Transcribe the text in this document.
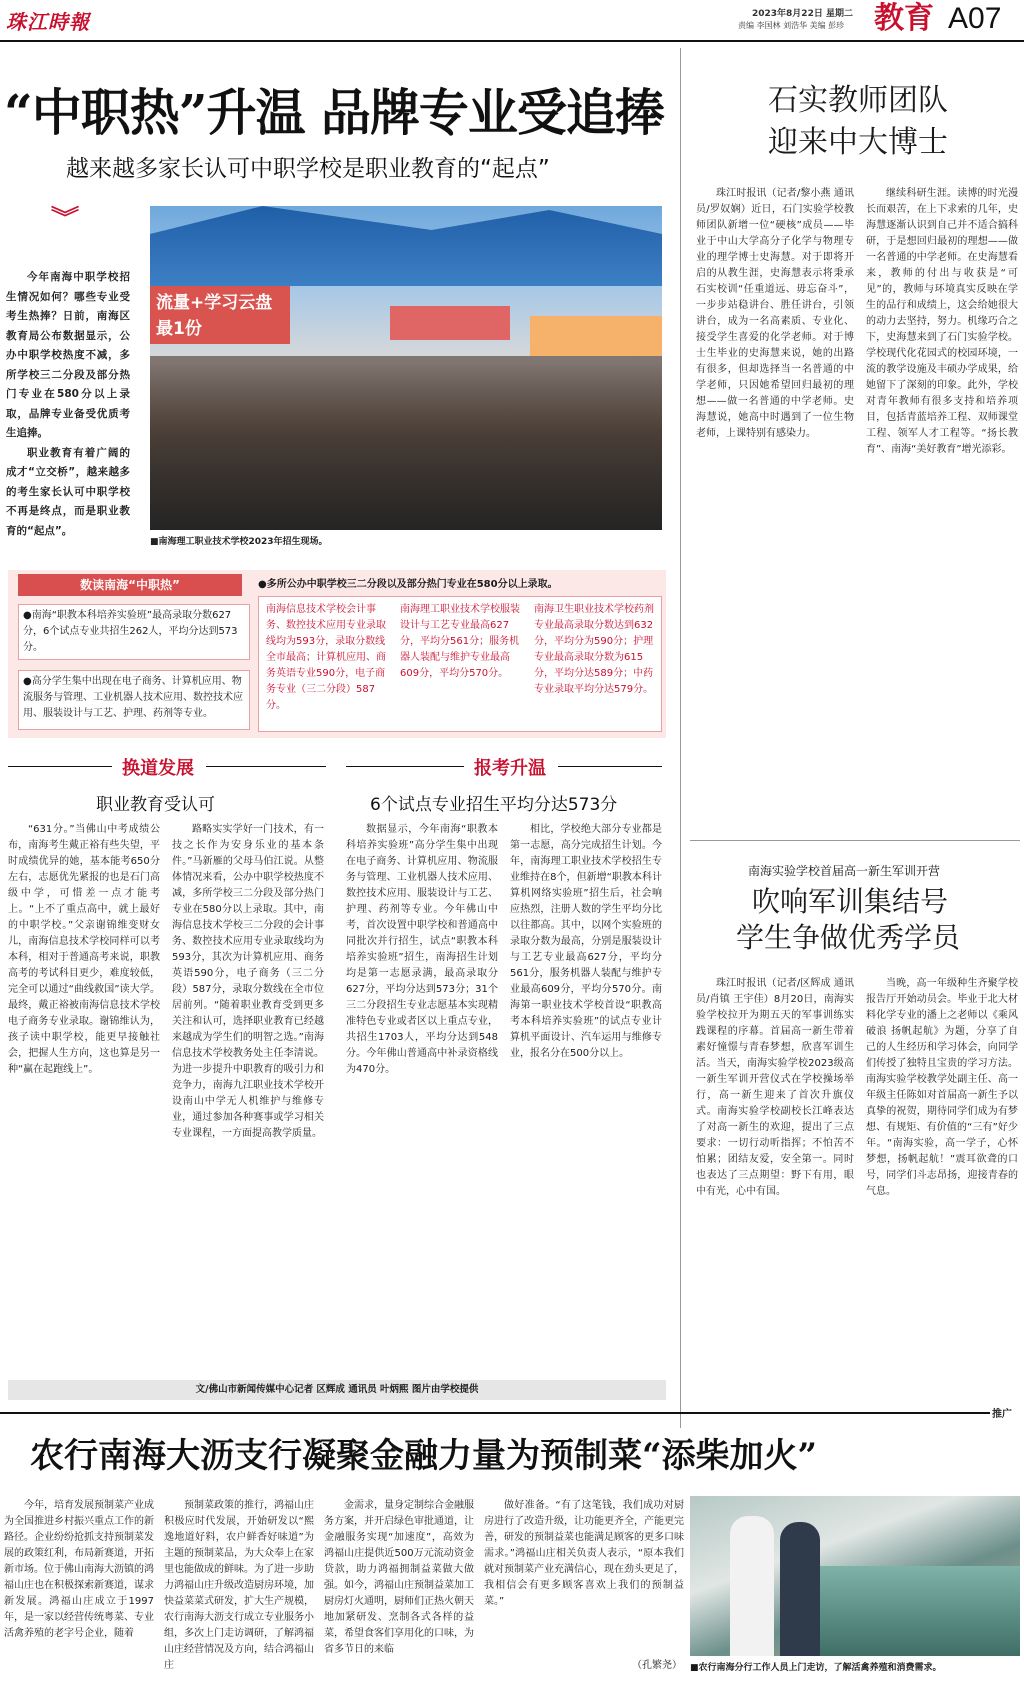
珠江時報	2023年8月22日 星期二
责编 李国林 刘浩华 美编 彭珍 教育 A07
“中职热”升温 品牌专业受追捧
越来越多家长认可中职学校是职业教育的“起点”
︾

今年南海中职学校招生情况如何？哪些专业受考生热捧？日前，南海区教育局公布数据显示，公办中职学校热度不减，多所学校三二分段及部分热门专业在580分以上录取，品牌专业备受优质考生追捧。

职业教育有着广阔的成才“立交桥”，越来越多的考生家长认可中职学校不再是终点，而是职业教育的“起点”。

流量+学习云盘 最1份
■南海理工职业技术学校2023年招生现场。
数读南海“中职热”
●南海“职教本科培养实验班”最高录取分数627分，6个试点专业共招生262人，平均分达到573分。
●高分学生集中出现在电子商务、计算机应用、物流服务与管理、工业机器人技术应用、数控技术应用、服装设计与工艺、护理、药剂等专业。
●多所公办中职学校三二分段以及部分热门专业在580分以上录取。
南海信息技术学校会计事务、数控技术应用专业录取线均为593分，录取分数线全市最高；计算机应用、商务英语专业590分，电子商务专业（三二分段）587分。
南海理工职业技术学校服装设计与工艺专业最高627分，平均分561分；服务机器人装配与维护专业最高609分，平均分570分。
南海卫生职业技术学校药剂专业最高录取分数达到632分，平均分为590分；护理专业最高录取分数为615分，平均分达589分；中药专业录取平均分达579分。
换道发展
职业教育受认可

“631分。”当佛山中考成绩公布，南海考生戴正裕有些失望，平时成绩优异的她，基本能考650分左右，志愿优先紧报的也是石门高级中学，可惜差一点才能考上。“上不了重点高中，就上最好的中职学校。”父亲谢锦维变财女儿，南海信息技术学校同样可以考本科，相对于普通高考来说，职教高考的考试科目更少，难度较低，完全可以通过“曲线救国”读大学。最终，戴正裕被南海信息技术学校电子商务专业录取。谢锦维认为，孩子读中职学校，能更早接触社会，把握人生方向，这也算是另一种“赢在起跑线上”。

路略实实学好一门技术，有一技之长作为安身乐业的基本条件。”马新雁的父母马伯江说。从整体情况来看，公办中职学校热度不减，多所学校三二分段及部分热门专业在580分以上录取。其中，南海信息技术学校三二分段的会计事务、数控技术应用专业录取线均为593分，其次为计算机应用、商务英语590分，电子商务（三二分段）587分，录取分数线在全市位居前列。“随着职业教育受到更多关注和认可，选择职业教育已经越来越成为学生们的明智之选。”南海信息技术学校教务处主任李清说。为进一步提升中职教育的吸引力和竞争力，南海九江职业技术学校开设南山中学无人机维护与维修专业，通过参加各种赛事或学习相关专业课程，一方面提高教学质量。

报考升温
6个试点专业招生平均分达573分

数据显示，今年南海“职教本科培养实验班”高分学生集中出现在电子商务、计算机应用、物流服务与管理、工业机器人技术应用、数控技术应用、服装设计与工艺、护理、药剂等专业。今年佛山中考，首次设置中职学校和普通高中同批次并行招生，试点“职教本科培养实验班”招生，南海招生计划均是第一志愿录满，最高录取分627分，平均分达到573分；31个三二分段招生专业志愿基本实现精准特色专业或者区以上重点专业，共招生1703人，平均分达到548分。今年佛山普通高中补录资格线为470分。

相比，学校绝大部分专业都是第一志愿，高分完成招生计划。今年，南海理工职业技术学校招生专业维持在8个，但新增“职教本科计算机网络实验班”招生后，社会响应热烈，注册人数的学生平均分比以往都高。其中，以网个实验班的录取分数为最高，分别是服装设计与工艺专业最高627分，平均分561分，服务机器人装配与维护专业最高609分，平均分570分。南海第一职业技术学校首设“职教高考本科培养实验班”的试点专业计算机平面设计、汽车运用与维修专业，报名分在500分以上。

文/佛山市新闻传媒中心记者 区辉成 通讯员 叶炳熙 图片由学校提供
石实教师团队
迎来中大博士

珠江时报讯（记者/黎小燕 通讯员/罗奴娴）近日，石门实验学校教师团队新增一位“硬核”成员——毕业于中山大学高分子化学与物理专业的理学博士史海慧。对于即将开启的从教生涯，史海慧表示将秉承石实校训“任重道远、毋忘奋斗”，一步步站稳讲台、胜任讲台，引领讲台，成为一名高素质、专业化、接受学生喜爱的化学老师。对于博士生毕业的史海慧来说，她的出路有很多，但却选择当一名普通的中学老师，只因她希望回归最初的理想——做一名普通的中学老师。史海慧说，她高中时遇到了一位生物老师，上课特别有感染力。

继续科研生涯。读博的时光漫长而艰苦，在上下求索的几年，史海慧逐渐认识到自己并不适合搞科研，于是想回归最初的理想——做一名普通的中学老师。在史海慧看来，教师的付出与收获是“可见”的，教师与环境真实反映在学生的品行和成绩上，这会给她很大的动力去坚持，努力。机缘巧合之下，史海慧来到了石门实验学校。学校现代化花园式的校园环境，一流的教学设施及丰硕办学成果，给她留下了深刻的印象。此外，学校对青年教师有很多支持和培养项目，包括青蓝培养工程、双师课堂工程、领军人才工程等。“扬长教育”、南海“美好教育”增光添彩。

南海实验学校首届高一新生军训开营
吹响军训集结号
学生争做优秀学员

珠江时报讯（记者/区辉成 通讯员/肖镇 王宇佳）8月20日，南海实验学校拉开为期五天的军事训练实践课程的序幕。首届高一新生带着素好憧憬与青春梦想，欣喜军训生活。当天，南海实验学校2023级高一新生军训开营仪式在学校操场举行，高一新生迎来了首次升旗仪式。南海实验学校副校长江峰表达了对高一新生的欢迎，提出了三点要求：一切行动听指挥；不怕苦不怕累；团结友爱，安全第一。同时也表达了三点期望：野下有用，眼中有光，心中有国。

当晚，高一年级种生齐聚学校报告厅开始动员会。毕业于北大材料化学专业的潘上之老师以《乘风破浪 扬帆起航》为题，分享了自己的人生经历和学习体会，向同学们传授了独特且宝贵的学习方法。南海实验学校教学处副主任、高一年级主任陈如对首届高一新生予以真挚的祝贺，期待同学们成为有梦想、有规矩、有价值的“三有”好少年。“南海实验，高一学子，心怀梦想，扬帆起航！”震耳欲聋的口号，同学们斗志昂扬，迎接青春的气息。

推广
农行南海大沥支行凝聚金融力量为预制菜“添柴加火”

今年，培育发展预制菜产业成为全国推进乡村振兴重点工作的新路径。企业纷纷抢抓支持预制菜发展的政策红利，布局新赛道，开拓新市场。位于佛山南海大沥镇的鸿福山庄也在积极探索新赛道，谋求新发展。鸿福山庄成立于1997年，是一家以经营传统粤菜、专业活禽养殖的老字号企业，随着

预制菜政策的推行，鸿福山庄积极应时代发展，开始研发以“熙逸地道好料，农户鲜香好味道”为主题的预制菜品，为大众奉上在家里也能做成的鲜味。为了进一步助力鸿福山庄升级改造厨房环境，加快益菜菜式研发，扩大生产规模，农行南海大沥支行成立专业服务小组，多次上门走访调研，了解鸿福山庄经营情况及方向，结合鸿福山庄

金需求，量身定制综合金融服务方案，并开启绿色审批通道，让金融服务实现“加速度”，高效为鸿福山庄提供近500万元流动资金贷款，助力鸿福拥制益菜做大做强。如今，鸿福山庄预制益菜加工厨房灯火通明，厨师们正热火朝天地加紧研发、烹制各式各样的益菜，希望食客们享用化的口味，为省多节日的来临

做好准备。“有了这笔钱，我们成功对厨房进行了改造升级，让功能更齐全，产能更完善，研发的预制益菜也能满足顾客的更多口味需求。”鸿福山庄相关负责人表示，“原本我们就对预制菜产业充满信心，现在劲头更足了，我相信会有更多顾客喜欢上我们的预制益菜。”

（孔繁尧） ■农行南海分行工作人员上门走访，了解活禽养殖和消费需求。
